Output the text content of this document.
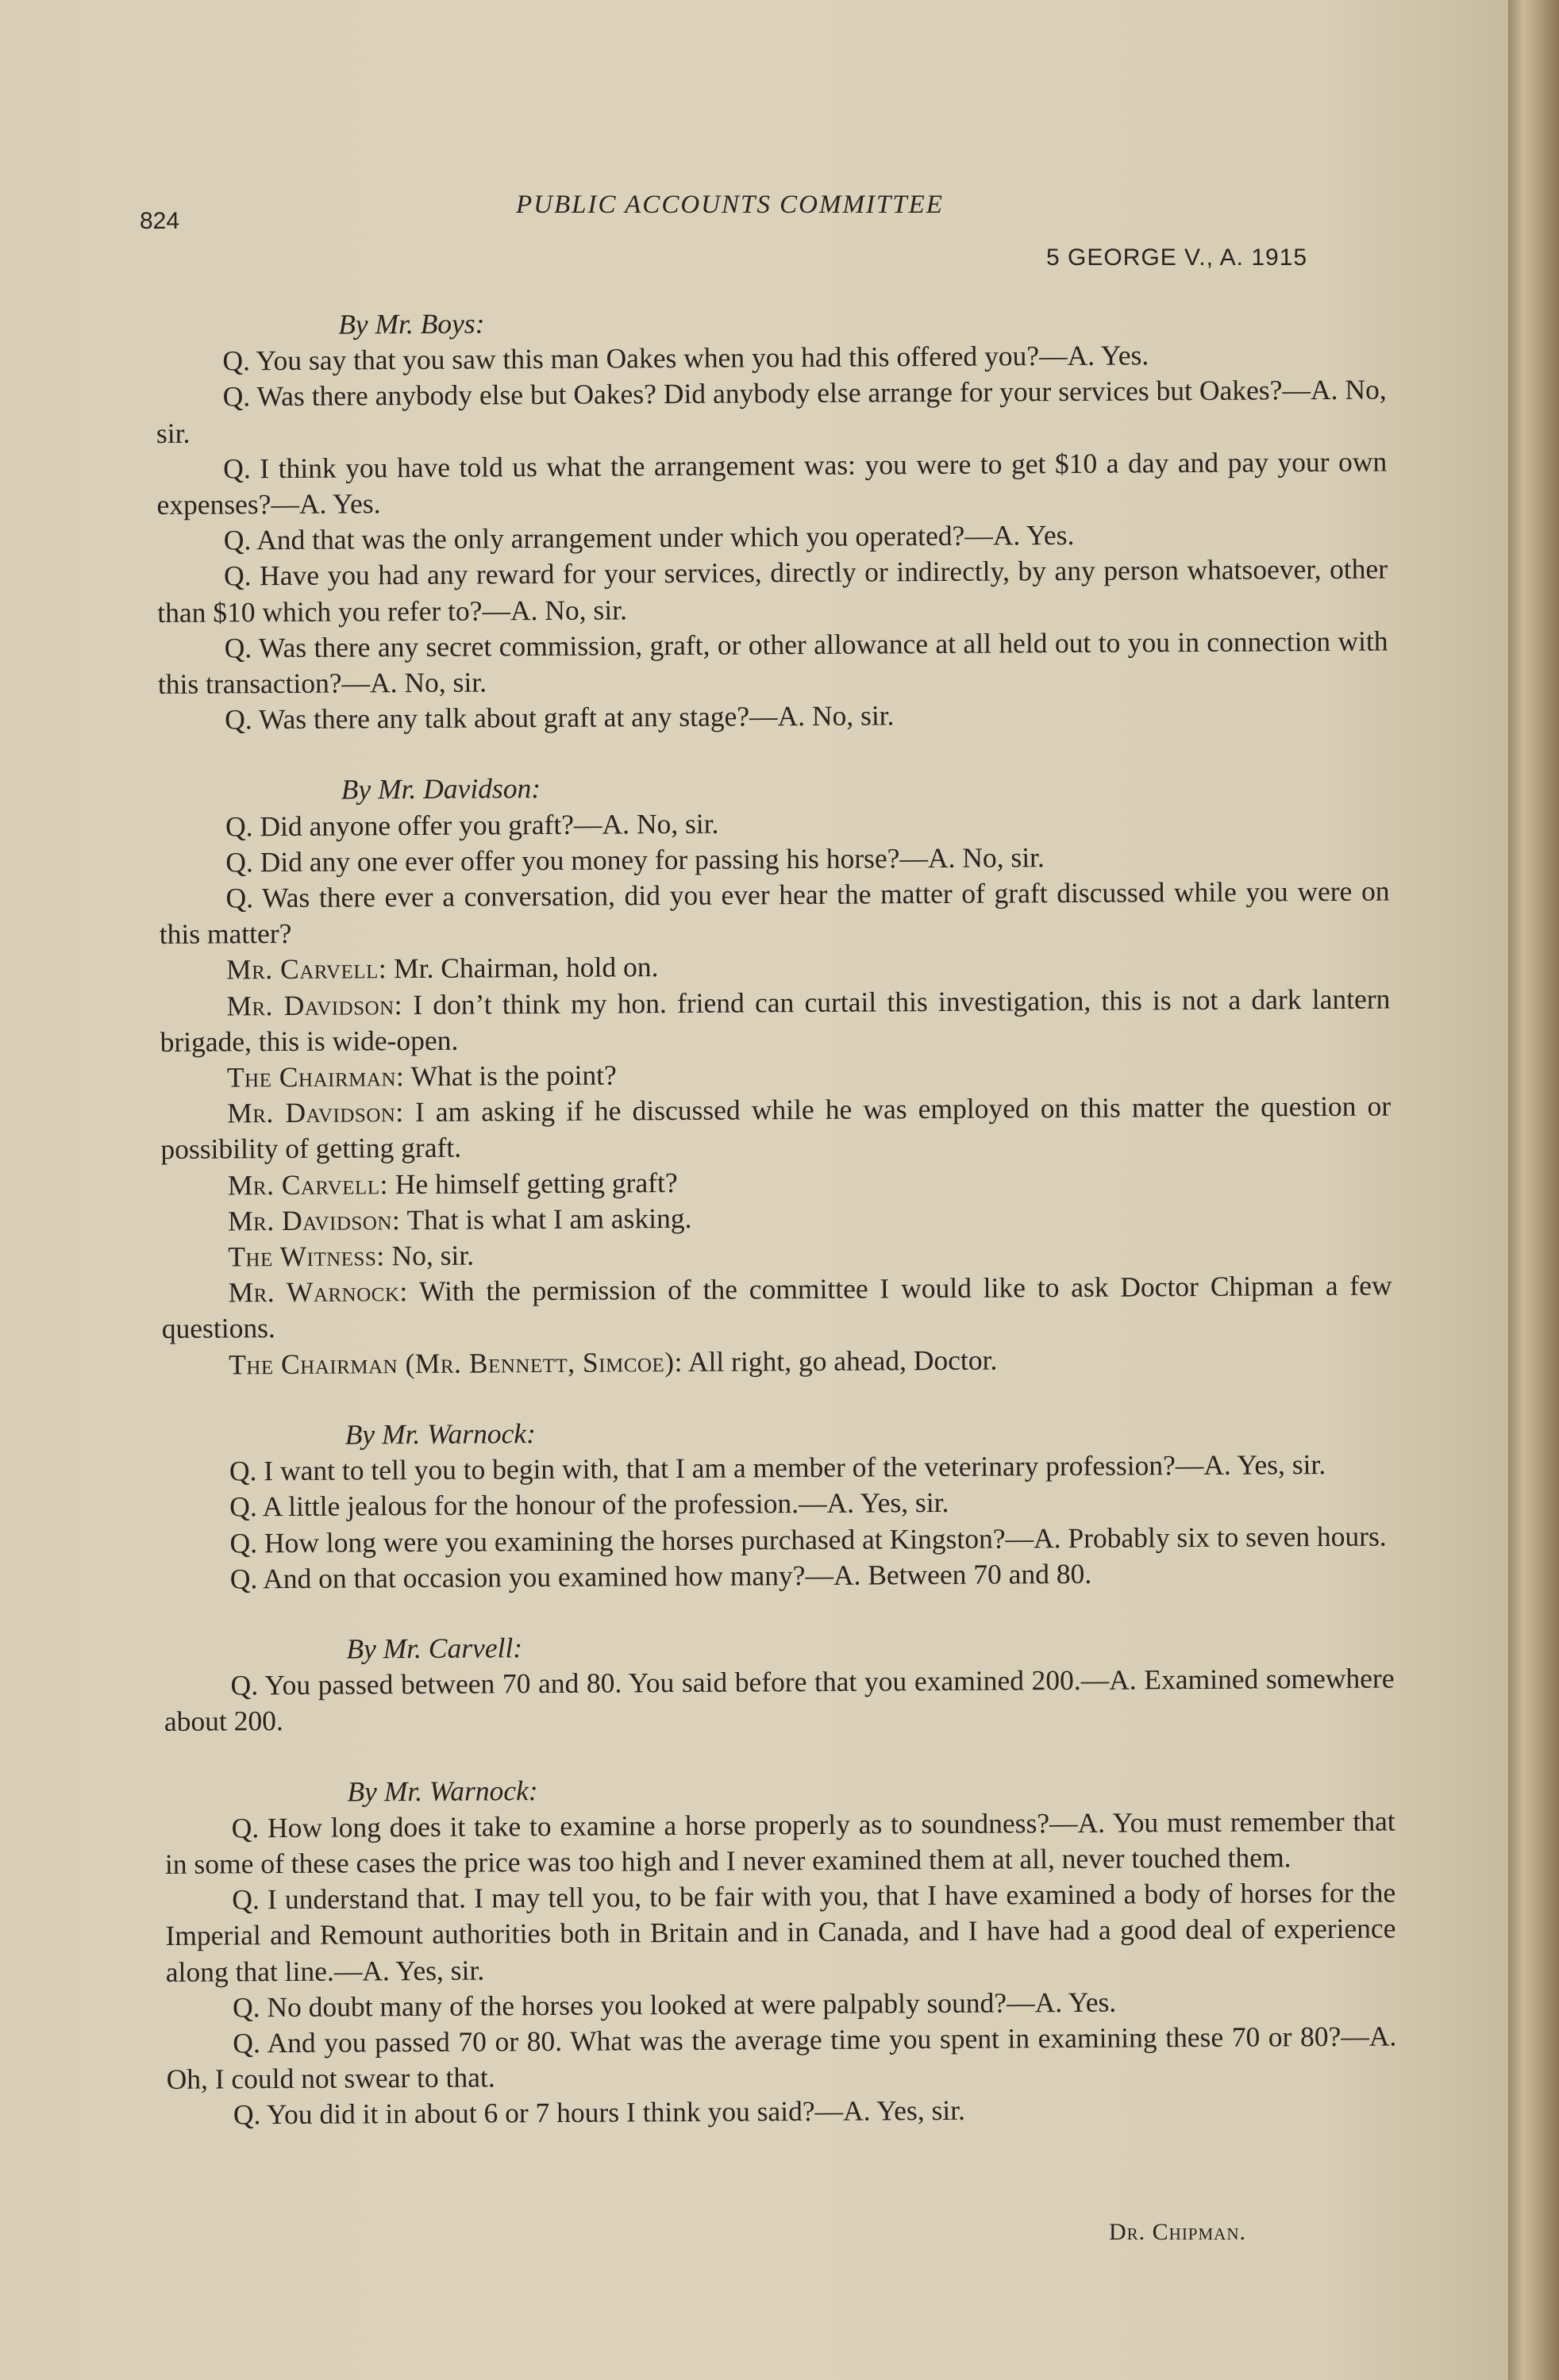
824
PUBLIC ACCOUNTS COMMITTEE
5 GEORGE V., A. 1915

By Mr. Boys:

Q. You say that you saw this man Oakes when you had this offered you?—A. Yes.

Q. Was there anybody else but Oakes? Did anybody else arrange for your services but Oakes?—A. No, sir.

Q. I think you have told us what the arrangement was: you were to get $10 a day and pay your own expenses?—A. Yes.

Q. And that was the only arrangement under which you operated?—A. Yes.

Q. Have you had any reward for your services, directly or indirectly, by any person whatsoever, other than $10 which you refer to?—A. No, sir.

Q. Was there any secret commission, graft, or other allowance at all held out to you in connection with this transaction?—A. No, sir.

Q. Was there any talk about graft at any stage?—A. No, sir.

By Mr. Davidson:

Q. Did anyone offer you graft?—A. No, sir.

Q. Did any one ever offer you money for passing his horse?—A. No, sir.

Q. Was there ever a conversation, did you ever hear the matter of graft discussed while you were on this matter?

Mr. Carvell: Mr. Chairman, hold on.

Mr. Davidson: I don’t think my hon. friend can curtail this investigation, this is not a dark lantern brigade, this is wide-open.

The Chairman: What is the point?

Mr. Davidson: I am asking if he discussed while he was employed on this matter the question or possibility of getting graft.

Mr. Carvell: He himself getting graft?

Mr. Davidson: That is what I am asking.

The Witness: No, sir.

Mr. Warnock: With the permission of the committee I would like to ask Doctor Chipman a few questions.

The Chairman (Mr. Bennett, Simcoe): All right, go ahead, Doctor.

By Mr. Warnock:

Q. I want to tell you to begin with, that I am a member of the veterinary profession?—A. Yes, sir.

Q. A little jealous for the honour of the profession.—A. Yes, sir.

Q. How long were you examining the horses purchased at Kingston?—A. Probably six to seven hours.

Q. And on that occasion you examined how many?—A. Between 70 and 80.

By Mr. Carvell:

Q. You passed between 70 and 80. You said before that you examined 200.—A. Examined somewhere about 200.

By Mr. Warnock:

Q. How long does it take to examine a horse properly as to soundness?—A. You must remember that in some of these cases the price was too high and I never examined them at all, never touched them.

Q. I understand that. I may tell you, to be fair with you, that I have examined a body of horses for the Imperial and Remount authorities both in Britain and in Canada, and I have had a good deal of experience along that line.—A. Yes, sir.

Q. No doubt many of the horses you looked at were palpably sound?—A. Yes.

Q. And you passed 70 or 80. What was the average time you spent in examining these 70 or 80?—A. Oh, I could not swear to that.

Q. You did it in about 6 or 7 hours I think you said?—A. Yes, sir.

Dr. Chipman.
